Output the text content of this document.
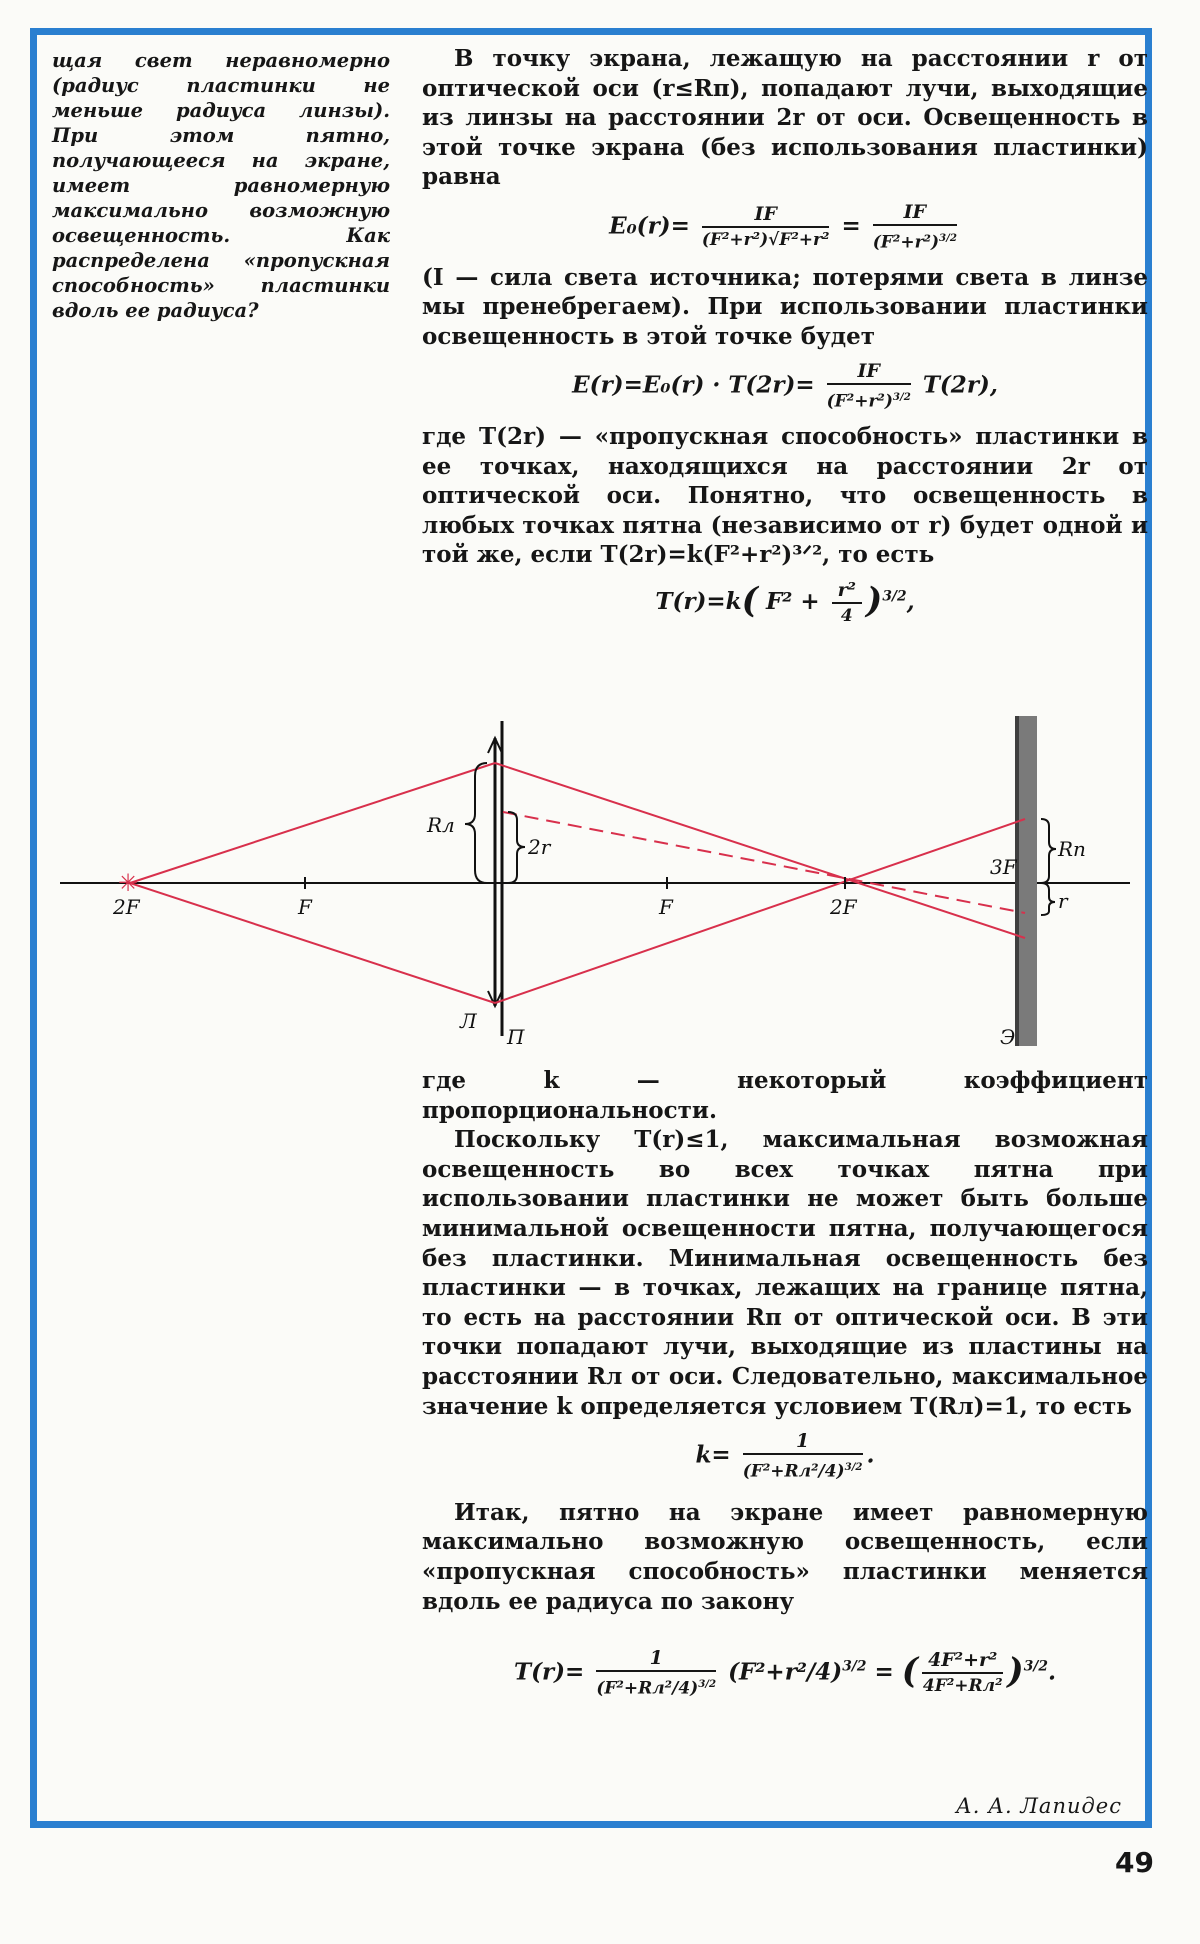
щая свет неравномерно (радиус пластинки не меньше радиуса линзы). При этом пятно, получающееся на экране, имеет равномерную максимально возможную освещенность. Как распределена «пропускная способность» пластинки вдоль ее радиуса?

В точку экрана, лежащую на расстоянии r от оптической оси (r≤Rп), попадают лучи, выходящие из линзы на расстоянии 2r от оси. Освещенность в этой точке экрана (без использования пластинки) равна

$E_0(r)= \frac{IF}{\text{(F²+r²)√F²+r²}} = \frac{IF}{(F^2+r^2)^{3/2}}$

(I — сила света источника; потерями света в линзе мы пренебрегаем). При использовании пластинки освещенность в этой точке будет

$E(r)=E_0(r) \cdot T(2r)= \frac{IF}{(F^2+r^2)^{3/2}} T(2r)$,

где T(2r) — «пропускная способность» пластинки в ее точках, находящихся на расстоянии 2r от оптической оси. Понятно, что освещенность в любых точках пятна (независимо от r) будет одной и той же, если T(2r)=k(F²+r²)³ᐟ², то есть

T(r)=k( $F^2 + \frac{\text{r²}}{4} )^{3/2}$,
✳
2F	F	F	2F
3F
Rл
2r	Rп
r
Л
П	Э

где k — некоторый коэффициент пропорциональности.

Поскольку T(r)≤1, максимальная возможная освещенность во всех точках пятна при использовании пластинки не может быть больше минимальной освещенности пятна, получающегося без пластинки. Минимальная освещенность без пластинки — в точках, лежащих на границе пятна, то есть на расстоянии Rп от оптической оси. В эти точки попадают лучи, выходящие из пластины на расстоянии Rл от оси. Следовательно, максимальное значение k определяется условием T(Rл)=1, то есть

$k= \frac{1}{(F^2+Rл^2/4)^{3/2}}$ .

Итак, пятно на экране имеет равномерную максимально возможную освещенность, если «пропускная способность» пластинки меняется вдоль ее радиуса по закону

$T(r)= \frac{1}{(F^2+Rл^2/4)^{3/2}} (F^2+r^2/4)^{3/2}$ = ( $\frac{\text{4F²+r²}}{\text{4F²+Rл²}} )^{3/2}$.
А. А. Лапидес
49
